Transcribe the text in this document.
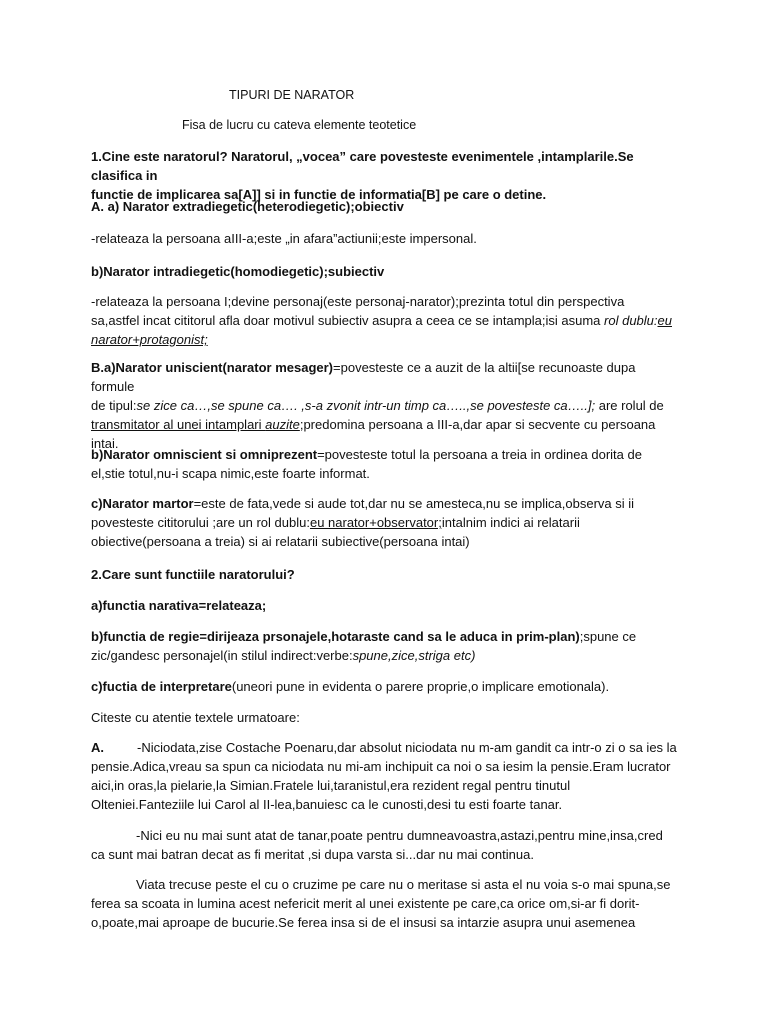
TIPURI DE NARATOR
Fisa de lucru cu cateva elemente teotetice
1.Cine este naratorul? Naratorul, „vocea” care povesteste evenimentele ,intamplarile.Se clasifica in
functie de implicarea sa[A]] si in functie de informatia[B] pe care o detine.
A. a) Narator extradiegetic(heterodiegetic);obiectiv
-relateaza la persoana aIII-a;este „in afara”actiunii;este impersonal.
b)Narator intradiegetic(homodiegetic);subiectiv
-relateaza la persoana I;devine personaj(este personaj-narator);prezinta totul din perspectiva
sa,astfel incat cititorul afla doar motivul subiectiv asupra a ceea ce se intampla;isi asuma rol dublu:eu
narator+protagonist;
B.a)Narator uniscient(narator mesager)=povesteste ce a auzit de la altii[se recunoaste dupa formule
de tipul:se zice ca…,se spune ca…. ,s-a zvonit intr-un timp ca…..,se povesteste ca…..]; are rolul de
transmitator al unei intamplari auzite;predomina persoana a III-a,dar apar si secvente cu persoana
intai.
b)Narator omniscient si omniprezent=povesteste totul la persoana a treia in ordinea dorita de
el,stie totul,nu-i scapa nimic,este foarte informat.
c)Narator martor=este de fata,vede si aude tot,dar nu se amesteca,nu se implica,observa si ii
povesteste cititorului ;are un rol dublu:eu narator+observator;intalnim indici ai relatarii
obiective(persoana a treia) si ai relatarii subiective(persoana intai)
2.Care sunt functiile naratorului?
a)functia narativa=relateaza;
b)functia de regie=dirijeaza prsonajele,hotaraste cand sa le aduca in prim-plan);spune ce
zic/gandesc personajel(in stilul indirect:verbe:spune,zice,striga etc)
c)fuctia de interpretare(uneori pune in evidenta o parere proprie,o implicare emotionala).
Citeste cu atentie textele urmatoare:
A.	-Niciodata,zise Costache Poenaru,dar absolut niciodata nu m-am gandit ca intr-o zi o sa ies la
pensie.Adica,vreau sa spun ca niciodata nu mi-am inchipuit ca noi o sa iesim la pensie.Eram lucrator
aici,in oras,la pielarie,la Simian.Fratele lui,taranistul,era rezident regal pentru tinutul
Olteniei.Fanteziile lui Carol al II-lea,banuiesc ca le cunosti,desi tu esti foarte tanar.
-Nici eu nu mai sunt atat de tanar,poate pentru dumneavoastra,astazi,pentru mine,insa,cred
ca sunt mai batran decat as fi meritat ,si dupa varsta si...dar nu mai continua.
Viata trecuse peste el cu o cruzime pe care nu o meritase si asta el nu voia s-o mai spuna,se
ferea sa scoata in lumina acest nefericit merit al unei existente pe care,ca orice om,si-ar fi dorit-
o,poate,mai aproape de bucurie.Se ferea insa si de el insusi sa intarzie asupra unui asemenea
